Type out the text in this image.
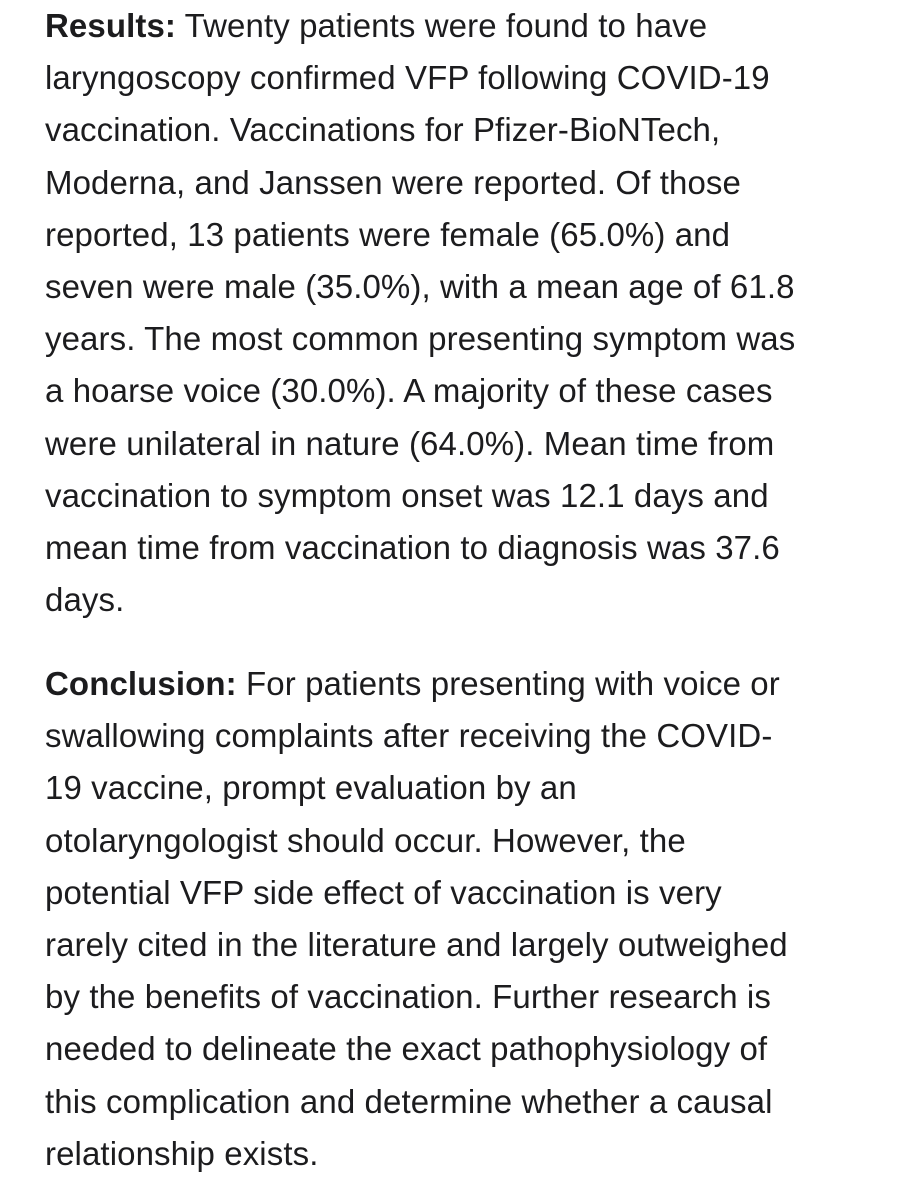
Results: Twenty patients were found to have
laryngoscopy confirmed VFP following COVID-19
vaccination. Vaccinations for Pfizer-BioNTech,
Moderna, and Janssen were reported. Of those
reported, 13 patients were female (65.0%) and
seven were male (35.0%), with a mean age of 61.8
years. The most common presenting symptom was
a hoarse voice (30.0%). A majority of these cases
were unilateral in nature (64.0%). Mean time from
vaccination to symptom onset was 12.1 days and
mean time from vaccination to diagnosis was 37.6
days.

Conclusion: For patients presenting with voice or
swallowing complaints after receiving the COVID-
19 vaccine, prompt evaluation by an
otolaryngologist should occur. However, the
potential VFP side effect of vaccination is very
rarely cited in the literature and largely outweighed
by the benefits of vaccination. Further research is
needed to delineate the exact pathophysiology of
this complication and determine whether a causal
relationship exists.
